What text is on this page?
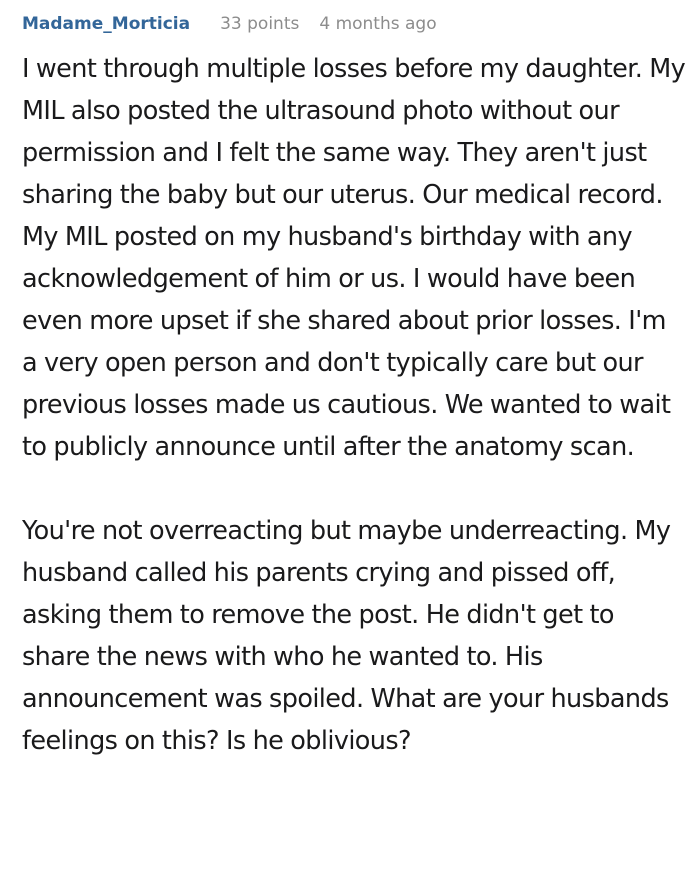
Madame_Morticia 33 points 4 months ago

I went through multiple losses before my daughter. My MIL also posted the ultrasound photo without our permission and I felt the same way. They aren't just sharing the baby but our uterus. Our medical record. My MIL posted on my husband's birthday with any acknowledgement of him or us. I would have been even more upset if she shared about prior losses. I'm a very open person and don't typically care but our previous losses made us cautious. We wanted to wait to publicly announce until after the anatomy scan.

You're not overreacting but maybe underreacting. My husband called his parents crying and pissed off, asking them to remove the post. He didn't get to share the news with who he wanted to. His announcement was spoiled. What are your husbands feelings on this? Is he oblivious?
